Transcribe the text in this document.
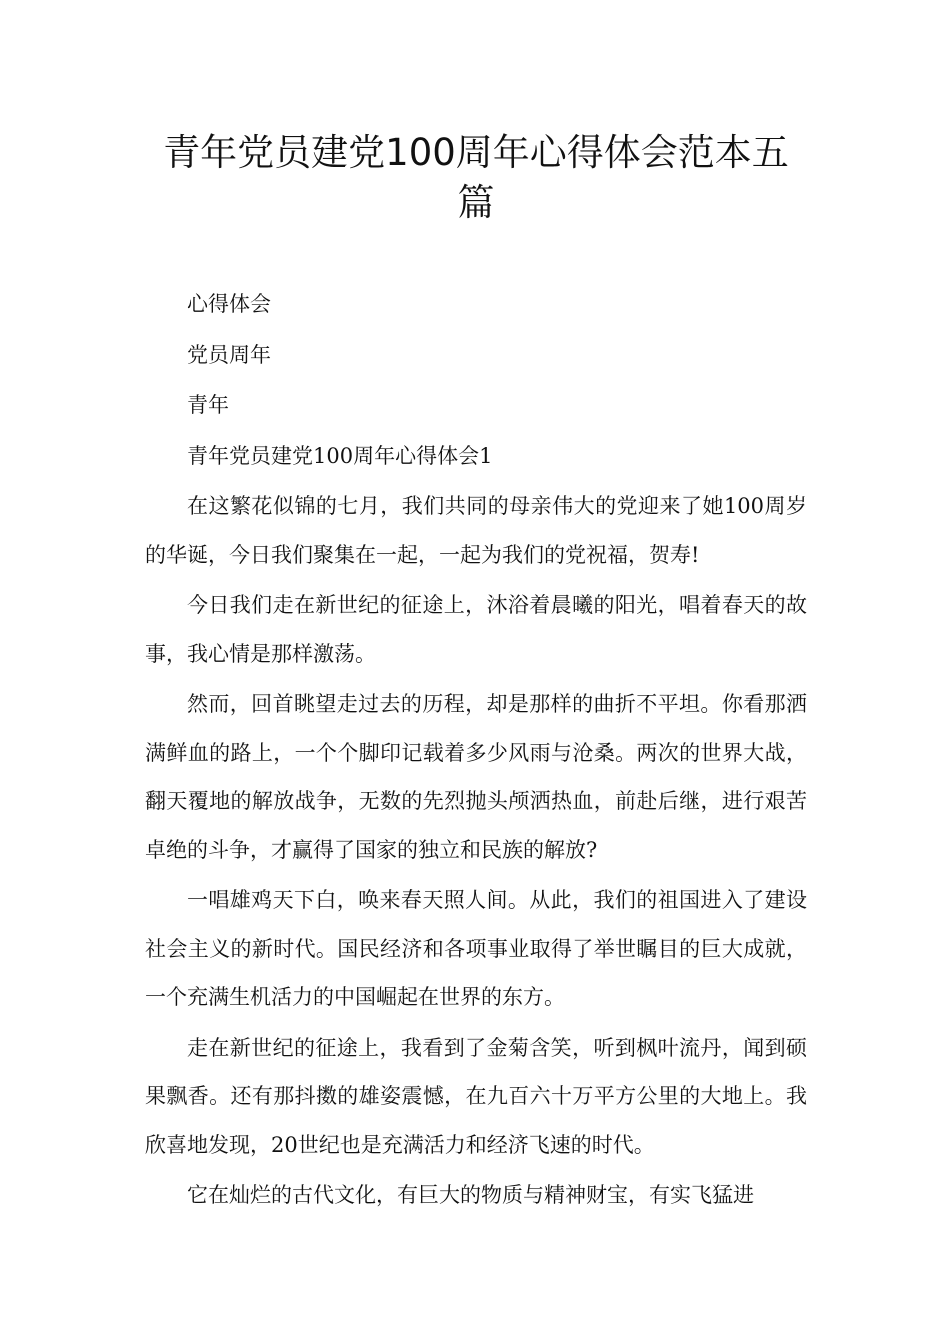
青年党员建党100周年心得体会范本五篇

心得体会

党员周年

青年

青年党员建党100周年心得体会1

在这繁花似锦的七月，我们共同的母亲伟大的党迎来了她100周岁的华诞，今日我们聚集在一起，一起为我们的党祝福，贺寿!

今日我们走在新世纪的征途上，沐浴着晨曦的阳光，唱着春天的故事，我心情是那样激荡。

然而，回首眺望走过去的历程，却是那样的曲折不平坦。你看那洒满鲜血的路上，一个个脚印记载着多少风雨与沧桑。两次的世界大战，翻天覆地的解放战争，无数的先烈抛头颅洒热血，前赴后继，进行艰苦卓绝的斗争，才赢得了国家的独立和民族的解放?

一唱雄鸡天下白，唤来春天照人间。从此，我们的祖国进入了建设社会主义的新时代。国民经济和各项事业取得了举世瞩目的巨大成就，一个充满生机活力的中国崛起在世界的东方。

走在新世纪的征途上，我看到了金菊含笑，听到枫叶流丹，闻到硕果飘香。还有那抖擞的雄姿震憾，在九百六十万平方公里的大地上。我欣喜地发现，20世纪也是充满活力和经济飞速的时代。

它在灿烂的古代文化，有巨大的物质与精神财宝，有实飞猛进
